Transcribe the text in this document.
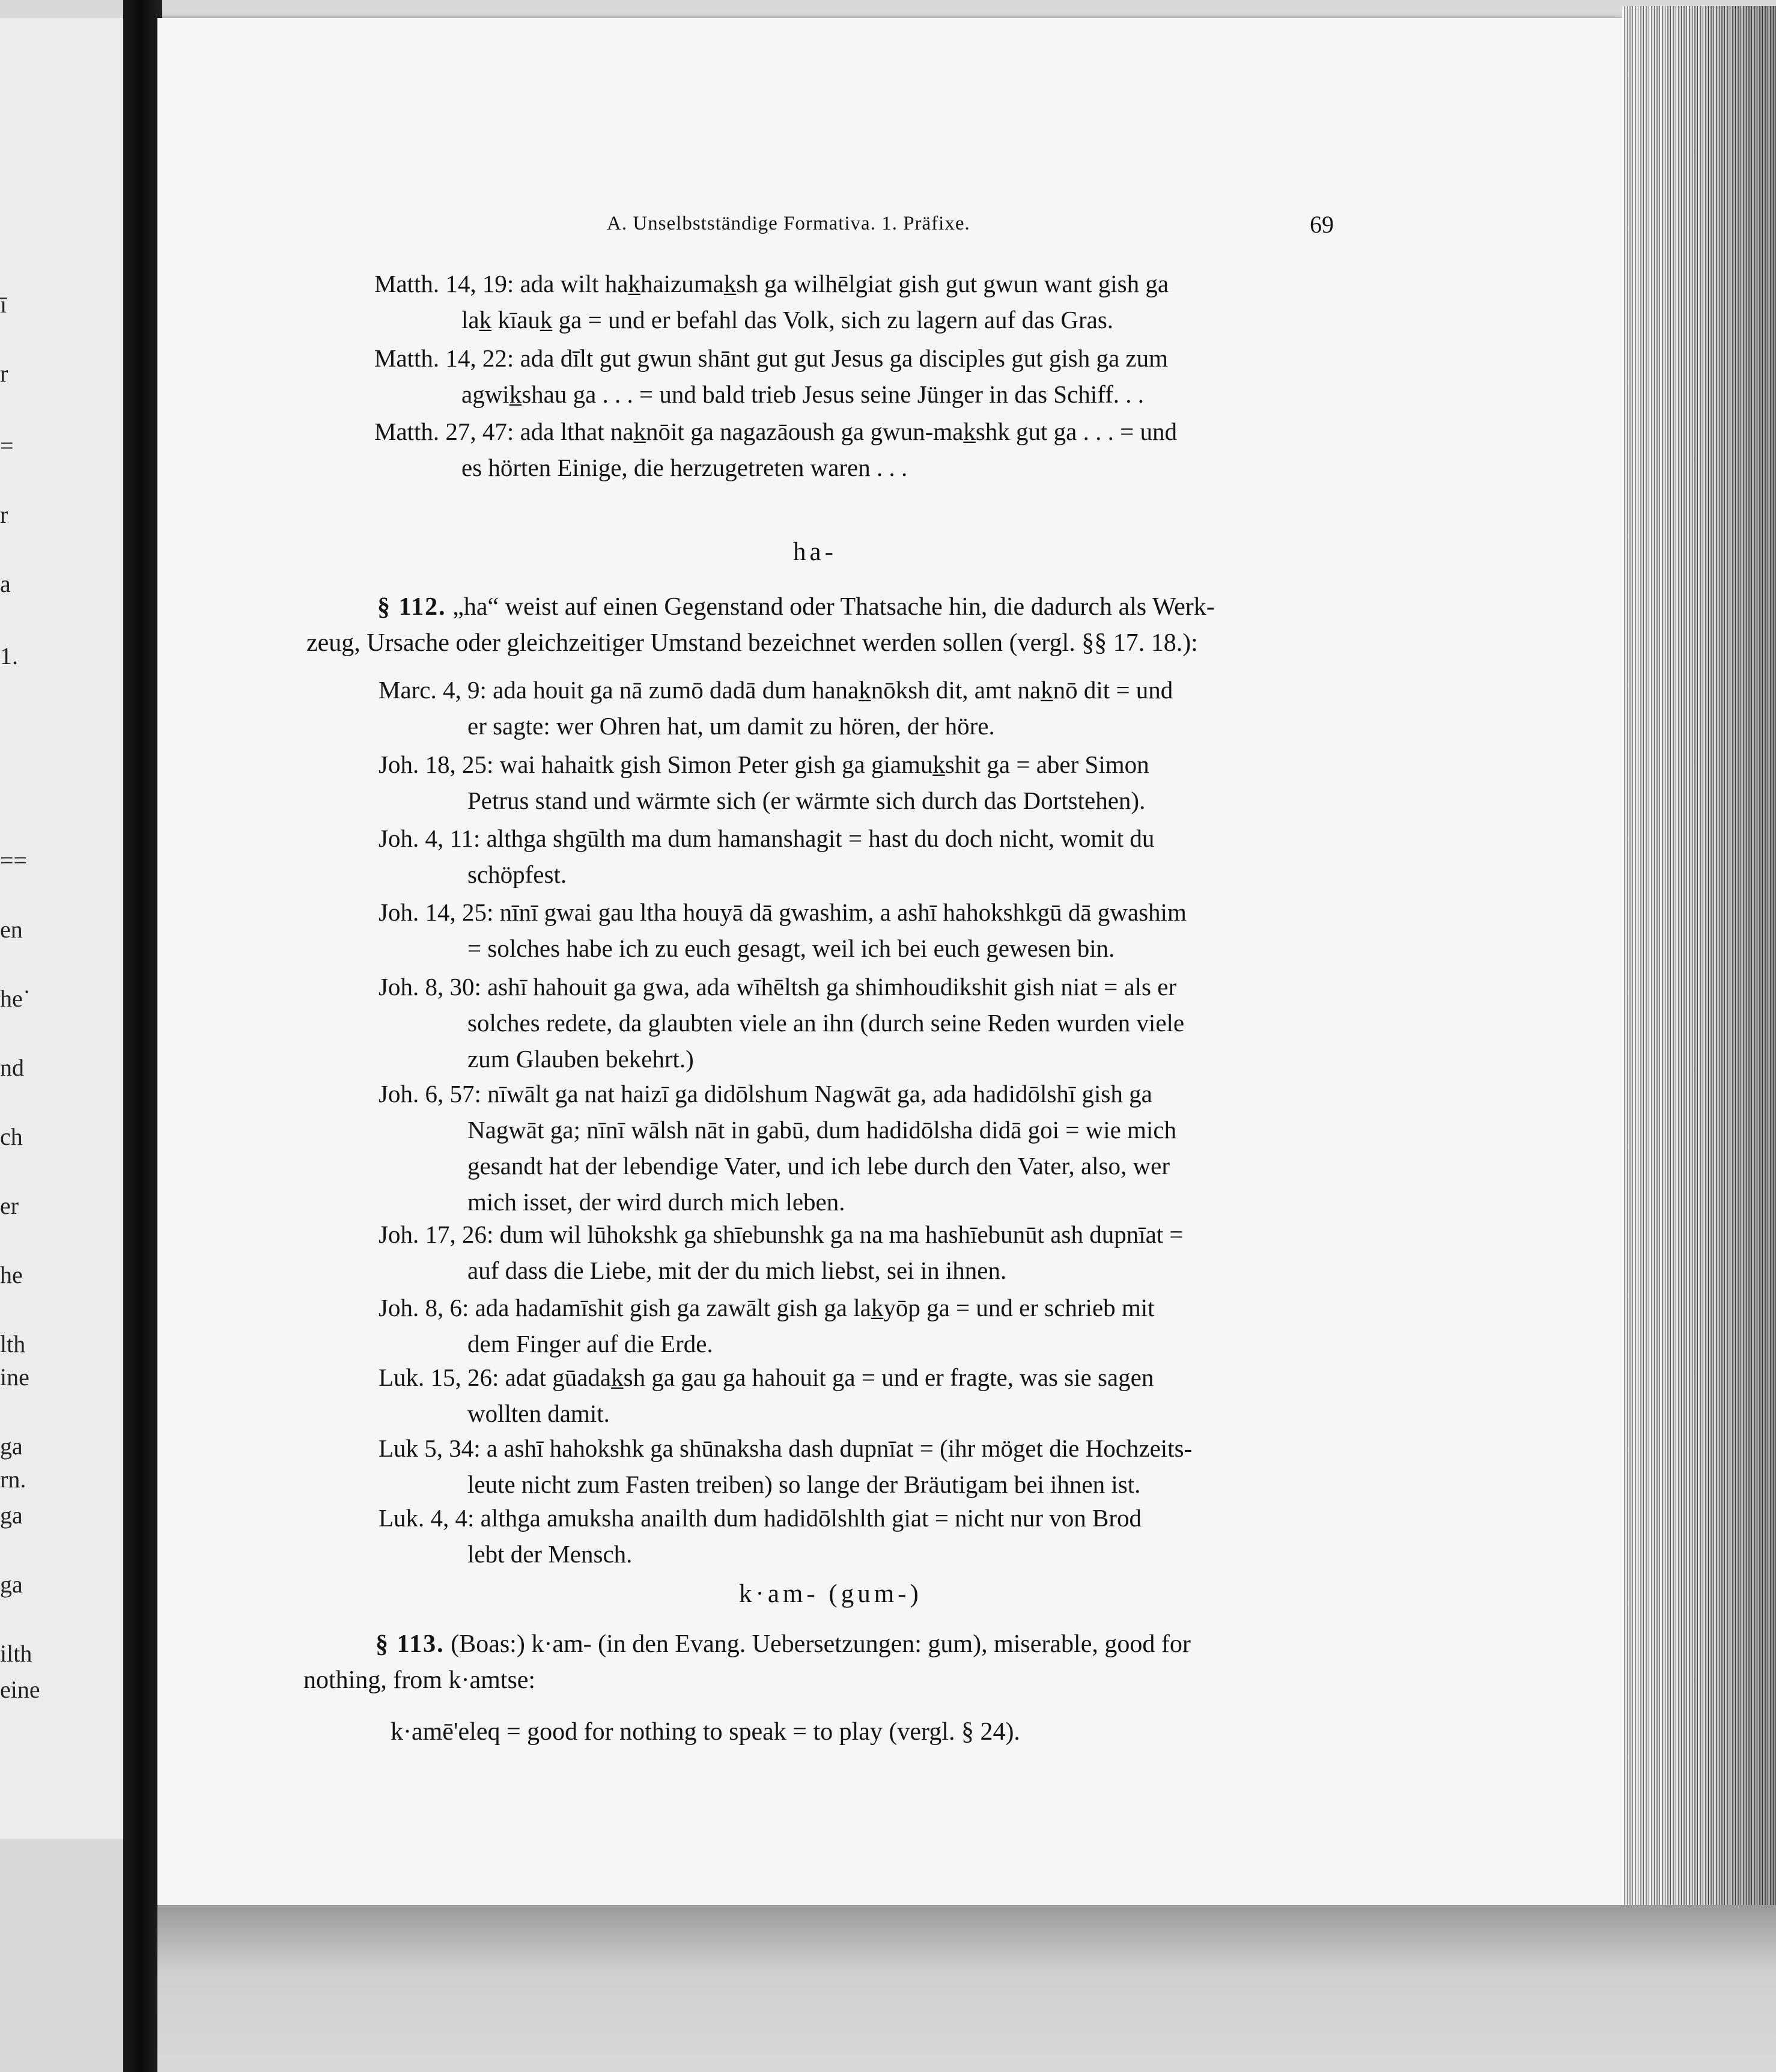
ī
r
=
r
a
1.
==
en
he˙
nd
ch
er
he
lth
ine
ga
rn.
ga
ga
ilth
eine
A. Unselbstständige Formativa. 1. Präfixe.	69
Matth. 14, 19: ada wilt hak̲haizumak̲sh ga wilhēlgiat gish gut gwun want gish ga
lak̲ kīauk̲ ga = und er befahl das Volk, sich zu lagern auf das Gras.
Matth. 14, 22: ada dīlt gut gwun shānt gut gut Jesus ga disciples gut gish ga zum
agwik̲shau ga . . . = und bald trieb Jesus seine Jünger in das Schiff. . .
Matth. 27, 47: ada lthat nak̲nōit ga nagazāoush ga gwun-mak̲shk gut ga . . . = und
es hörten Einige, die herzugetreten waren . . .
ha-
§ 112. „ha“ weist auf einen Gegenstand oder Thatsache hin, die dadurch als Werk-
zeug, Ursache oder gleichzeitiger Umstand bezeichnet werden sollen (vergl. §§ 17. 18.):
Marc. 4, 9: ada houit ga nā zumō dadā dum hanak̲nōksh dit, amt nak̲nō dit = und
er sagte: wer Ohren hat, um damit zu hören, der höre.
Joh. 18, 25: wai hahaitk gish Simon Peter gish ga giamuk̲shit ga = aber Simon
Petrus stand und wärmte sich (er wärmte sich durch das Dortstehen).
Joh. 4, 11: althga shgūlth ma dum hamanshagit = hast du doch nicht, womit du
schöpfest.
Joh. 14, 25: nīnī gwai gau ltha houyā dā gwashim, a ashī hahokshkgū dā gwashim
= solches habe ich zu euch gesagt, weil ich bei euch gewesen bin.
Joh. 8, 30: ashī hahouit ga gwa, ada wīhēltsh ga shimhoudikshit gish niat = als er
solches redete, da glaubten viele an ihn (durch seine Reden wurden viele
zum Glauben bekehrt.)
Joh. 6, 57: nīwālt ga nat haizī ga didōlshum Nagwāt ga, ada hadidōlshī gish ga
Nagwāt ga; nīnī wālsh nāt in gabū, dum hadidōlsha didā goi = wie mich
gesandt hat der lebendige Vater, und ich lebe durch den Vater, also, wer
mich isset, der wird durch mich leben.
Joh. 17, 26: dum wil lūhokshk ga shīebunshk ga na ma hashīebunūt ash dupnīat =
auf dass die Liebe, mit der du mich liebst, sei in ihnen.
Joh. 8, 6: ada hadamīshit gish ga zawālt gish ga lak̲yōp ga = und er schrieb mit
dem Finger auf die Erde.
Luk. 15, 26: adat gūadak̲sh ga gau ga hahouit ga = und er fragte, was sie sagen
wollten damit.
Luk 5, 34: a ashī hahokshk ga shūnaksha dash dupnīat = (ihr möget die Hochzeits-
leute nicht zum Fasten treiben) so lange der Bräutigam bei ihnen ist.
Luk. 4, 4: althga amuksha anailth dum hadidōlshlth giat = nicht nur von Brod
lebt der Mensch.
k·am- (gum-)
§ 113. (Boas:) k·am- (in den Evang. Uebersetzungen: gum), miserable, good for
nothing, from k·amtse:
k·amē'eleq = good for nothing to speak = to play (vergl. § 24).
